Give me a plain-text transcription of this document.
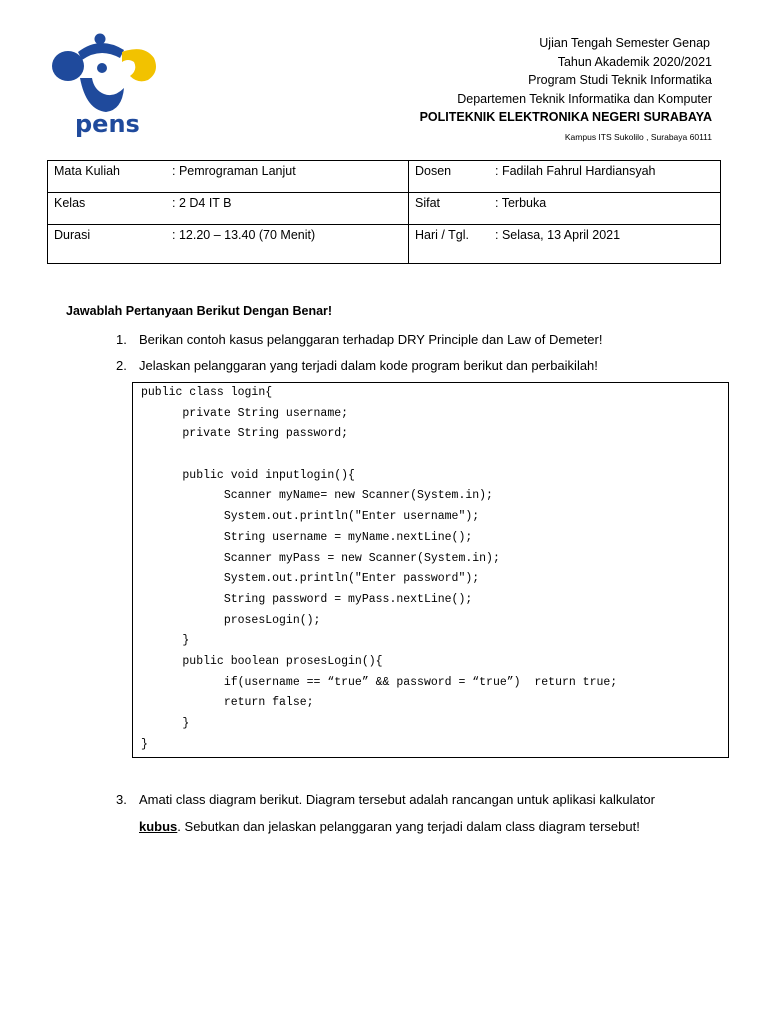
pens
Ujian Tengah Semester Genap
Tahun Akademik 2020/2021
Program Studi Teknik Informatika
Departemen Teknik Informatika dan Komputer
POLITEKNIK ELEKTRONIKA NEGERI SURABAYA
Kampus ITS Sukolilo , Surabaya 60111
Mata Kuliah : Pemrograman Lanjut	Dosen : Fadilah Fahrul Hardiansyah
Kelas : 2 D4 IT B	Sifat : Terbuka
Durasi : 12.20 – 13.40 (70 Menit)	Hari / Tgl. : Selasa, 13 April 2021
Jawablah Pertanyaan Berikut Dengan Benar!
1. Berikan contoh kasus pelanggaran terhadap DRY Principle dan Law of Demeter!
2. Jelaskan pelanggaran yang terjadi dalam kode program berikut dan perbaikilah!
public class login{
private String username;
private String password;
public void inputlogin(){
Scanner myName= new Scanner(System.in);
System.out.println("Enter username");
String username = myName.nextLine();
Scanner myPass = new Scanner(System.in);
System.out.println("Enter password");
String password = myPass.nextLine();
prosesLogin();
}
public boolean prosesLogin(){
if(username == “true” && password = “true”)  return true;
return false;
}
}
3. Amati class diagram berikut. Diagram tersebut adalah rancangan untuk aplikasi kalkulator
kubus. Sebutkan dan jelaskan pelanggaran yang terjadi dalam class diagram tersebut!
